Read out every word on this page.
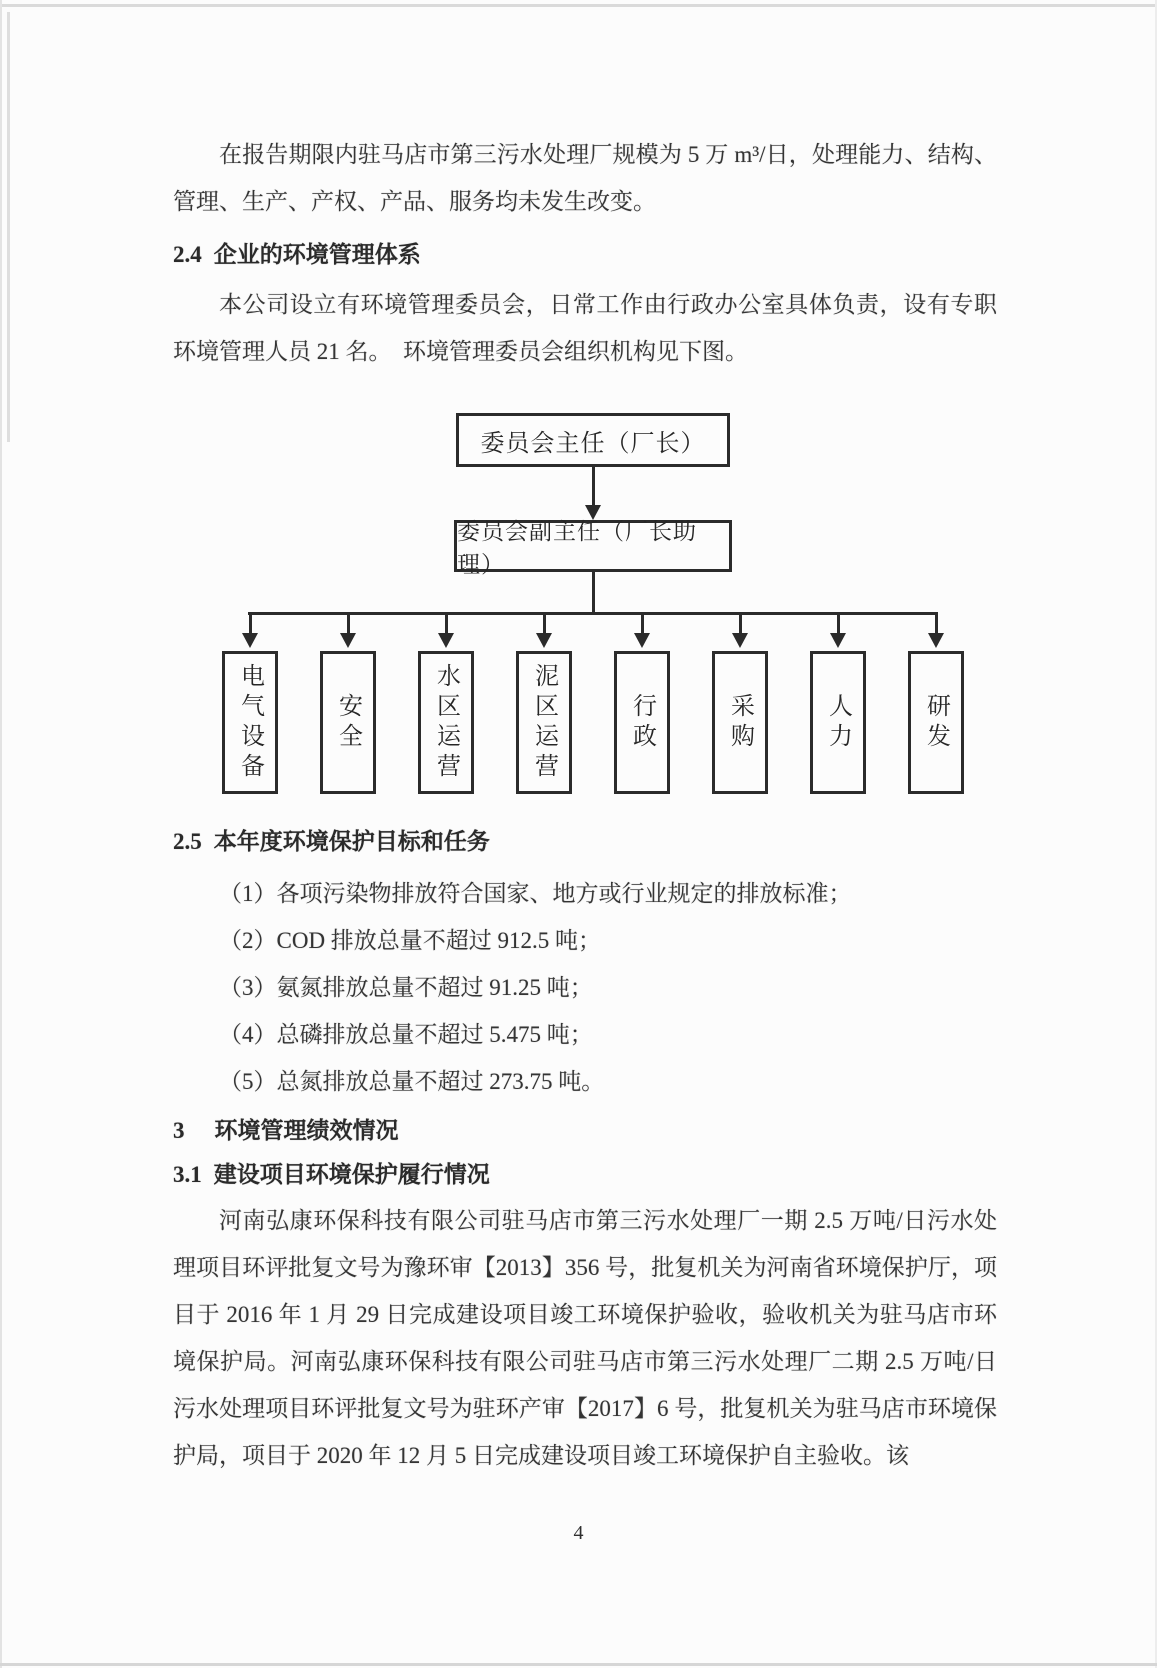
在报告期限内驻马店市第三污水处理厂规模为 5 万 m³/日，处理能力、结构、管理、生产、产权、产品、服务均未发生改变。

2.4 企业的环境管理体系

本公司设立有环境管理委员会，日常工作由行政办公室具体负责，设有专职环境管理人员 21 名。　环境管理委员会组织机构见下图。

委员会主任（厂长）
委员会副主任（厂长助理）
电气设备	安全	水区运营	泥区运营	行政	采购	人力	研发
2.5 本年度环境保护目标和任务
（1）各项污染物排放符合国家、地方或行业规定的排放标准；
（2）COD 排放总量不超过 912.5 吨；
（3）氨氮排放总量不超过 91.25 吨；
（4）总磷排放总量不超过 5.475 吨；
（5）总氮排放总量不超过 273.75 吨。
3 环境管理绩效情况
3.1 建设项目环境保护履行情况

河南弘康环保科技有限公司驻马店市第三污水处理厂一期 2.5 万吨/日污水处理项目环评批复文号为豫环审【2013】356 号，批复机关为河南省环境保护厅，项目于 2016 年 1 月 29 日完成建设项目竣工环境保护验收，验收机关为驻马店市环境保护局。河南弘康环保科技有限公司驻马店市第三污水处理厂二期 2.5 万吨/日污水处理项目环评批复文号为驻环产审【2017】6 号，批复机关为驻马店市环境保护局，项目于 2020 年 12 月 5 日完成建设项目竣工环境保护自主验收。该

4
